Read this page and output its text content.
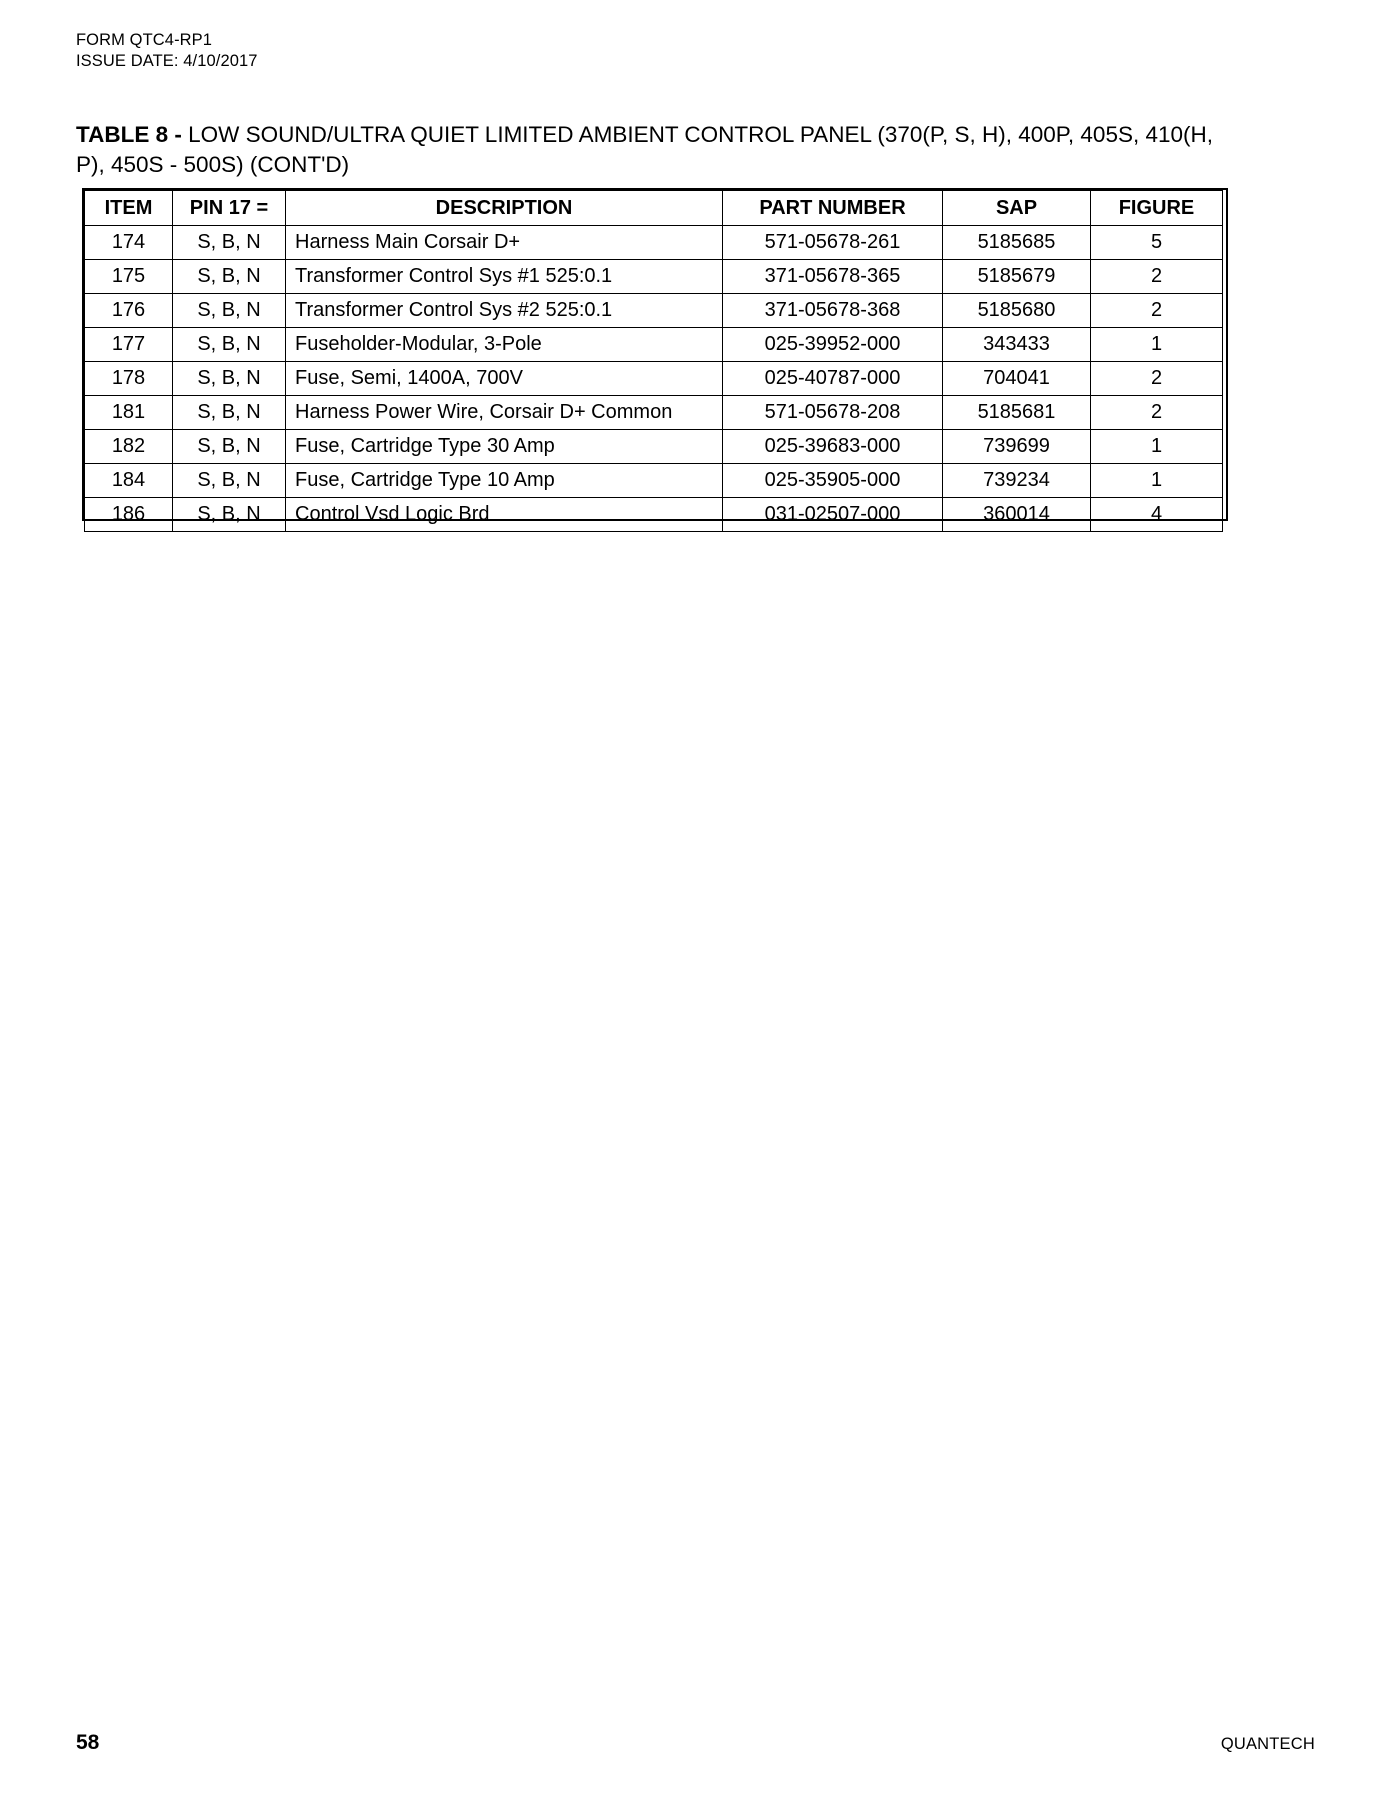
FORM QTC4-RP1
ISSUE DATE: 4/10/2017
TABLE 8 - LOW SOUND/ULTRA QUIET LIMITED AMBIENT CONTROL PANEL (370(P, S, H), 400P, 405S, 410(H, P), 450S - 500S) (CONT'D)
ITEM	PIN 17 =	DESCRIPTION	PART NUMBER	SAP	FIGURE
174	S, B, N	Harness Main Corsair D+	571-05678-261	5185685	5
175	S, B, N	Transformer Control Sys #1 525:0.1	371-05678-365	5185679	2
176	S, B, N	Transformer Control Sys #2 525:0.1	371-05678-368	5185680	2
177	S, B, N	Fuseholder-Modular, 3-Pole	025-39952-000	343433	1
178	S, B, N	Fuse, Semi, 1400A, 700V	025-40787-000	704041	2
181	S, B, N	Harness Power Wire, Corsair D+ Common	571-05678-208	5185681	2
182	S, B, N	Fuse, Cartridge Type 30 Amp	025-39683-000	739699	1
184	S, B, N	Fuse, Cartridge Type 10 Amp	025-35905-000	739234	1
186	S, B, N	Control Vsd Logic Brd	031-02507-000	360014	4
58	QUANTECH
